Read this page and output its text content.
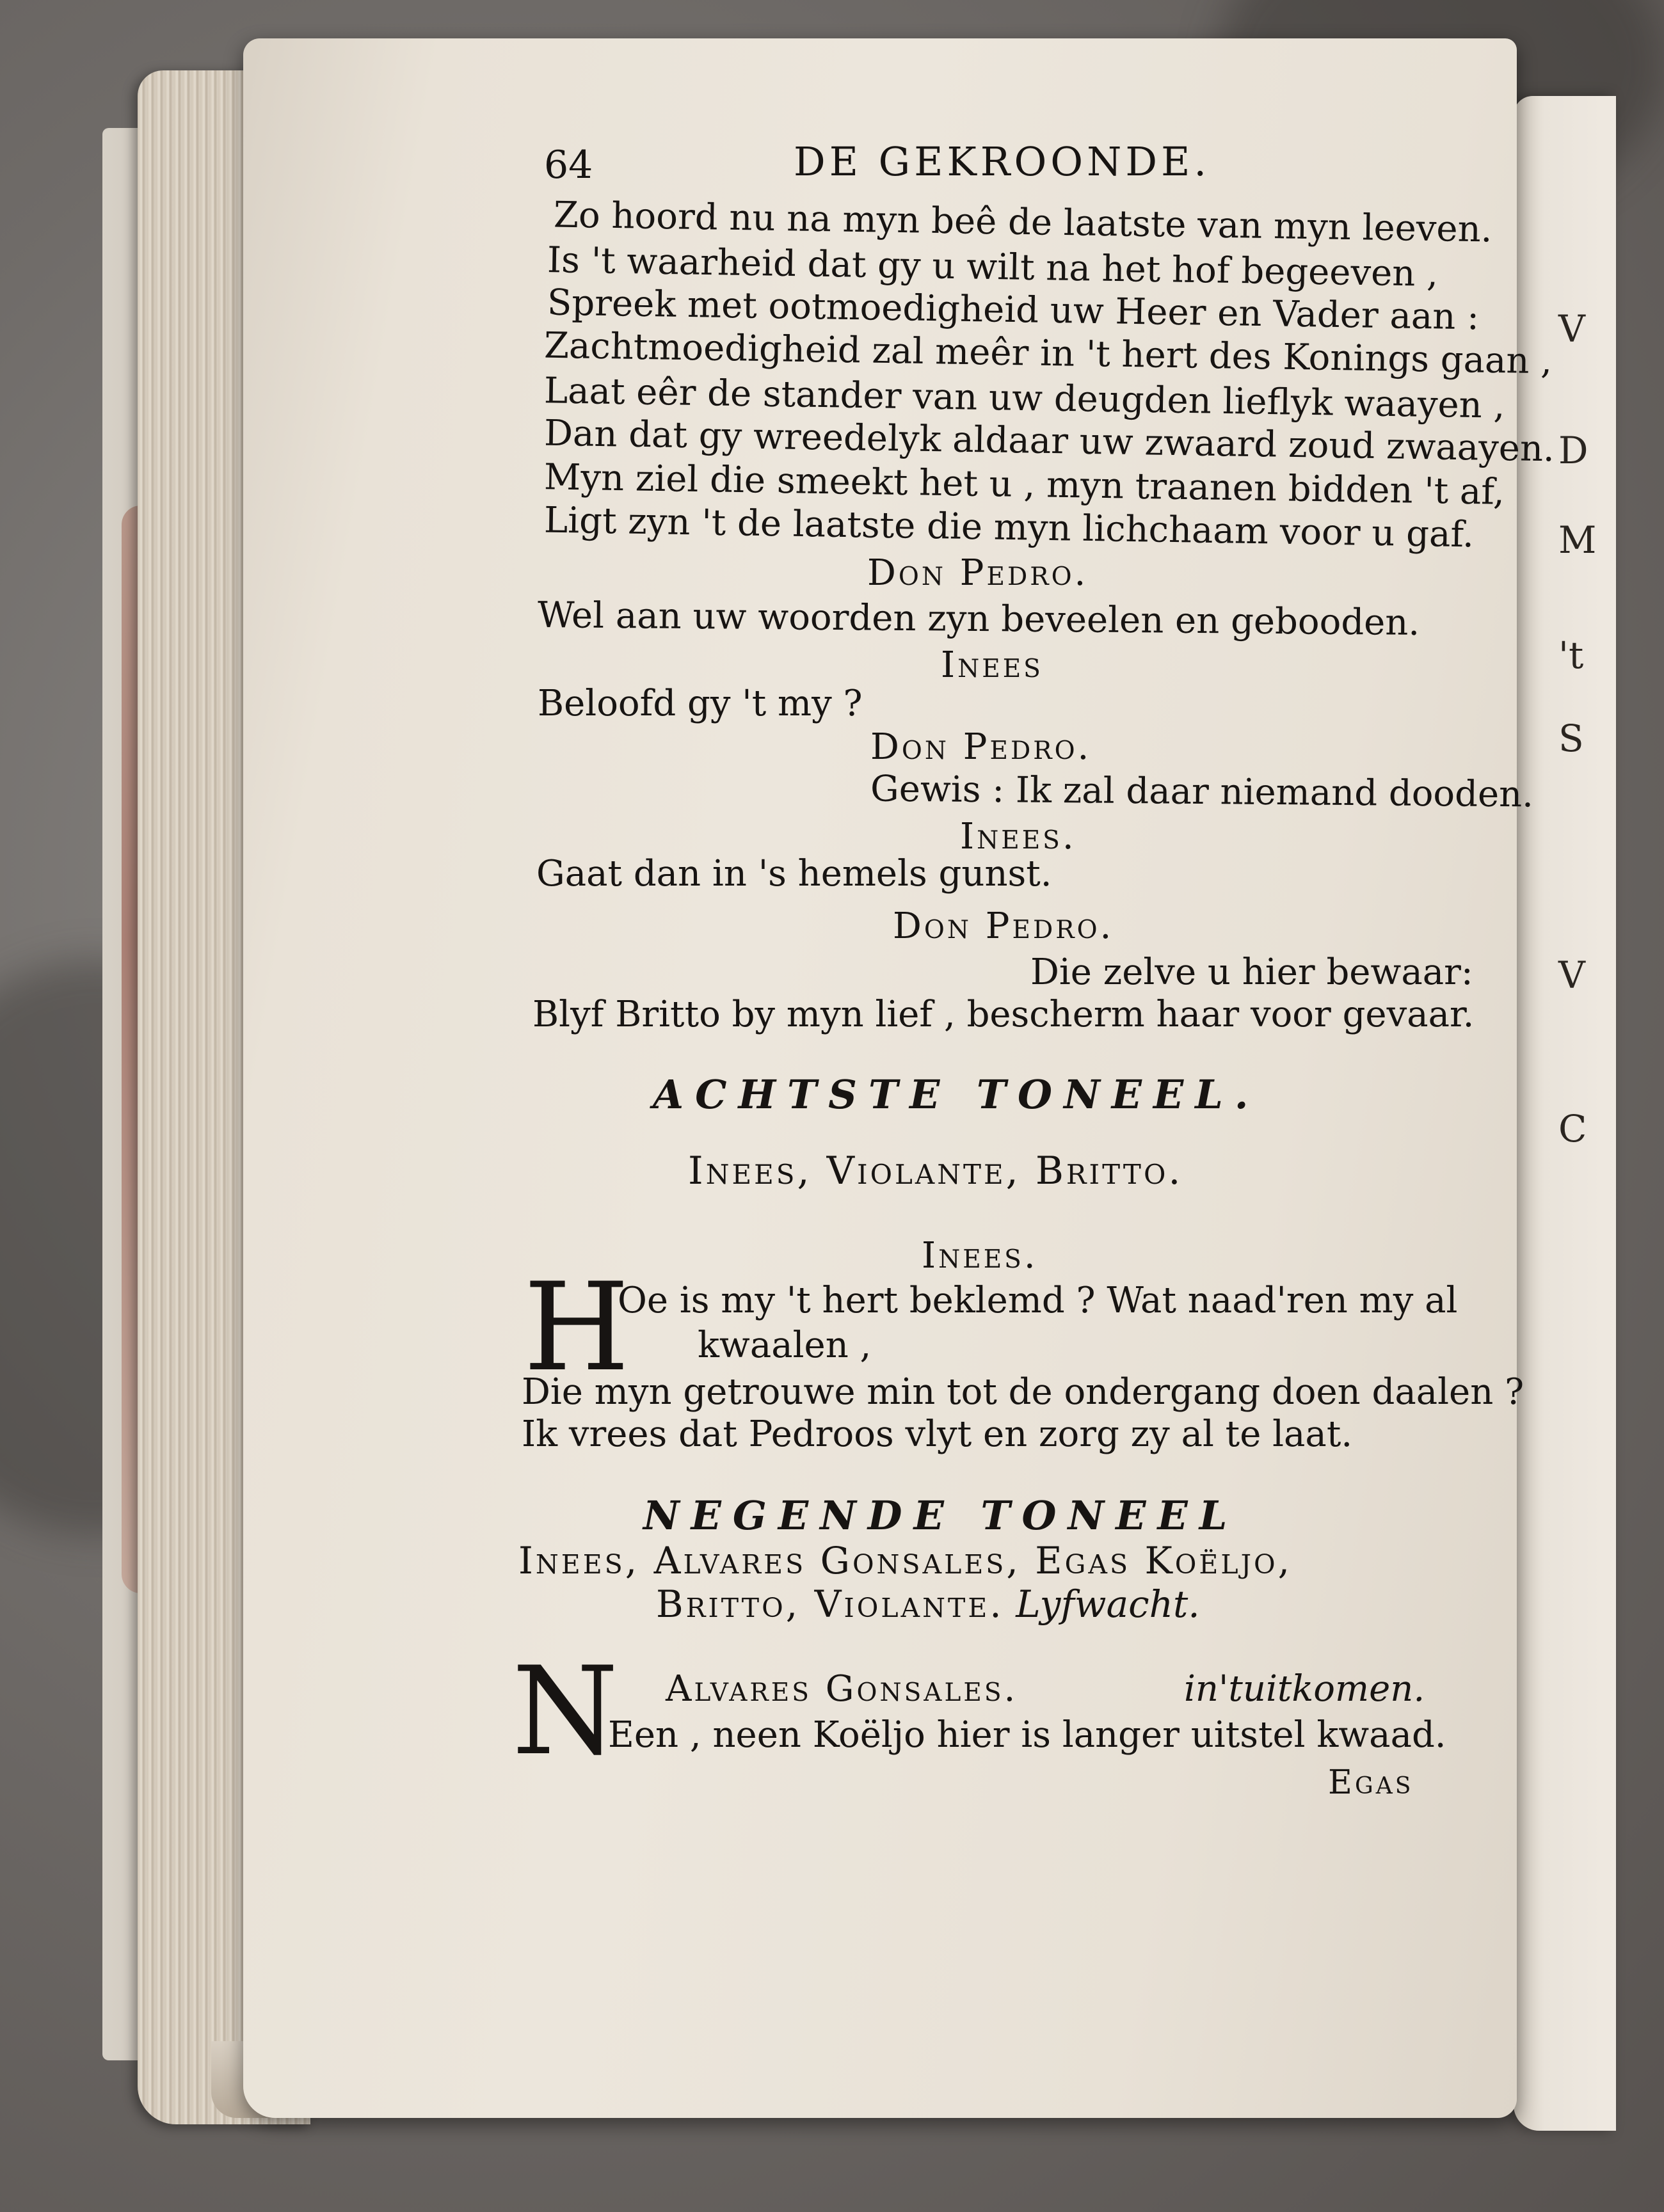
V
D
M
't
S
V
C
64	DE GEKROONDE.
Zo hoord nu na myn beê de laatste van myn leeven.
Is 't waarheid dat gy u wilt na het hof begeeven ,
Spreek met ootmoedigheid uw Heer en Vader aan :
Zachtmoedigheid zal meêr in 't hert des Konings gaan ,
Laat eêr de stander van uw deugden lieflyk waayen ,
Dan dat gy wreedelyk aldaar uw zwaard zoud zwaayen.
Myn ziel die smeekt het u , myn traanen bidden 't af,
Ligt zyn 't de laatste die myn lichchaam voor u gaf.
Don Pedro.
Wel aan uw woorden zyn beveelen en gebooden.
Inees
Beloofd gy 't my ?
Don Pedro.
Gewis : Ik zal daar niemand dooden.
Inees.
Gaat dan in 's hemels gunst.
Don Pedro.
Die zelve u hier bewaar:
Blyf Britto by myn lief , bescherm haar voor gevaar.
ACHTSTE TONEEL.
Inees, Violante, Britto.
Inees.
H
Oe is my 't hert beklemd ? Wat naad'ren my al
kwaalen ,
Die myn getrouwe min tot de ondergang doen daalen ?
Ik vrees dat Pedroos vlyt en zorg zy al te laat.
NEGENDE TONEEL
Inees, Alvares Gonsales, Egas Koëljo,
Britto, Violante. Lyfwacht.
N Alvares Gonsales.	in'tuitkomen.
Een , neen Koëljo hier is langer uitstel kwaad.
Egas
